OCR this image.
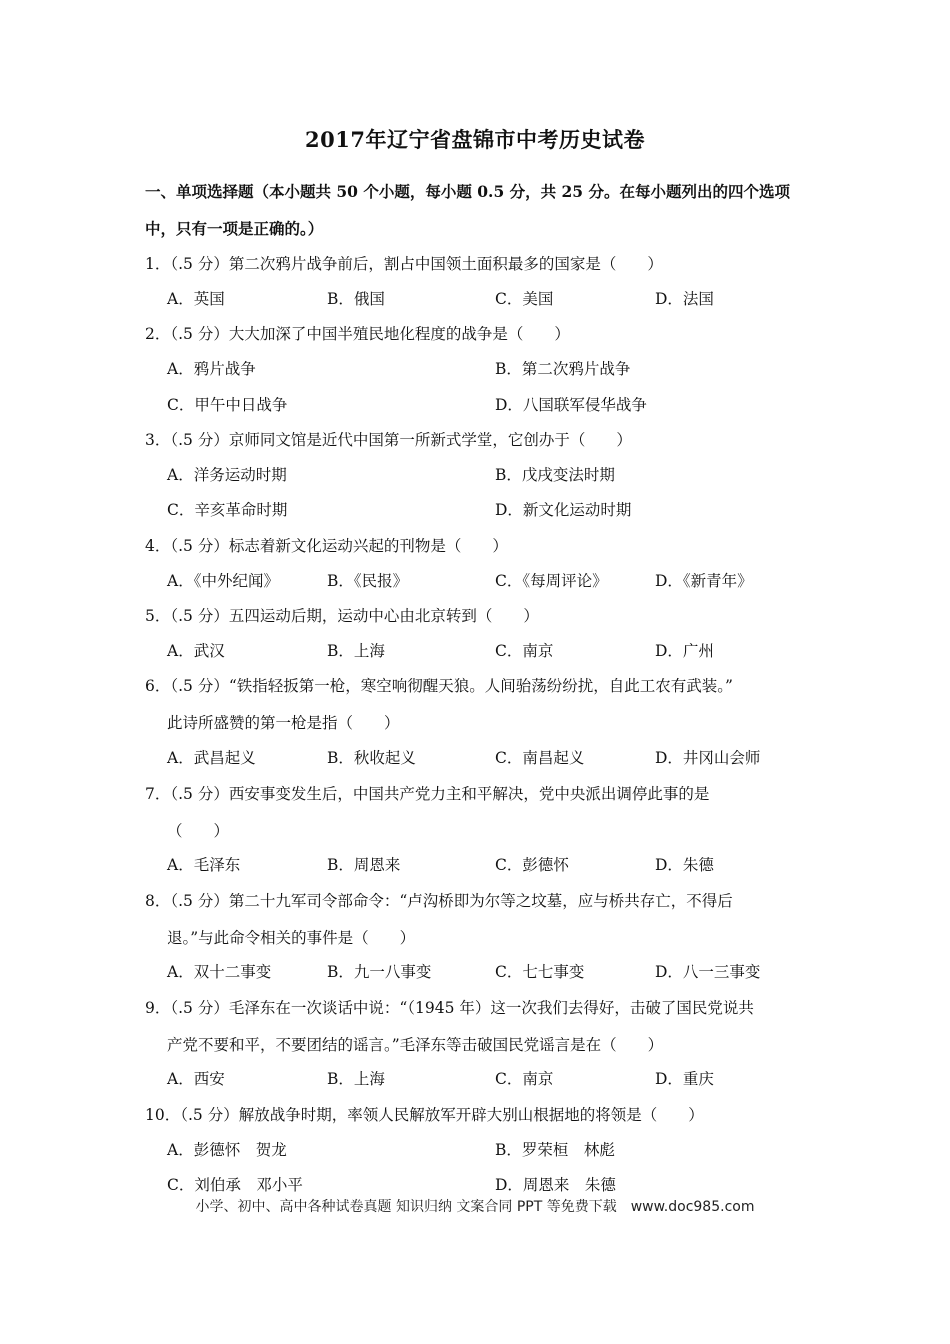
2017年辽宁省盘锦市中考历史试卷
一、单项选择题（本小题共 50 个小题，每小题 0.5 分，共 25 分。在每小题列出的四个选项
中，只有一项是正确的。）
1．（.5 分）第二次鸦片战争前后，割占中国领土面积最多的国家是（　　）
A．英国	B．俄国	C．美国	D．法国
2．（.5 分）大大加深了中国半殖民地化程度的战争是（　　）
A．鸦片战争	B．第二次鸦片战争
C．甲午中日战争	D．八国联军侵华战争
3．（.5 分）京师同文馆是近代中国第一所新式学堂，它创办于（　　）
A．洋务运动时期	B．戊戌变法时期
C．辛亥革命时期	D．新文化运动时期
4．（.5 分）标志着新文化运动兴起的刊物是（　　）
A．《中外纪闻》	B．《民报》	C．《每周评论》	D．《新青年》
5．（.5 分）五四运动后期，运动中心由北京转到（　　）
A．武汉	B．上海	C．南京	D．广州
6．（.5 分）“铁指轻扳第一枪，寒空响彻醒天狼。人间骀荡纷纷扰，自此工农有武装。”
此诗所盛赞的第一枪是指（　　）
A．武昌起义	B．秋收起义	C．南昌起义	D．井冈山会师
7．（.5 分）西安事变发生后，中国共产党力主和平解决，党中央派出调停此事的是
（　　）
A．毛泽东	B．周恩来	C．彭德怀	D．朱德
8．（.5 分）第二十九军司令部命令：“卢沟桥即为尔等之坟墓，应与桥共存亡，不得后
退。”与此命令相关的事件是（　　）
A．双十二事变	B．九一八事变	C．七七事变	D．八一三事变
9．（.5 分）毛泽东在一次谈话中说：“（1945 年）这一次我们去得好，击破了国民党说共
产党不要和平，不要团结的谣言。”毛泽东等击破国民党谣言是在（　　）
A．西安	B．上海	C．南京	D．重庆
10．（.5 分）解放战争时期，率领人民解放军开辟大别山根据地的将领是（　　）
A．彭德怀　贺龙	B．罗荣桓　林彪
C．刘伯承　邓小平	D．周恩来　朱德
小学、初中、高中各种试卷真题 知识归纳 文案合同 PPT 等免费下载　www.doc985.com
